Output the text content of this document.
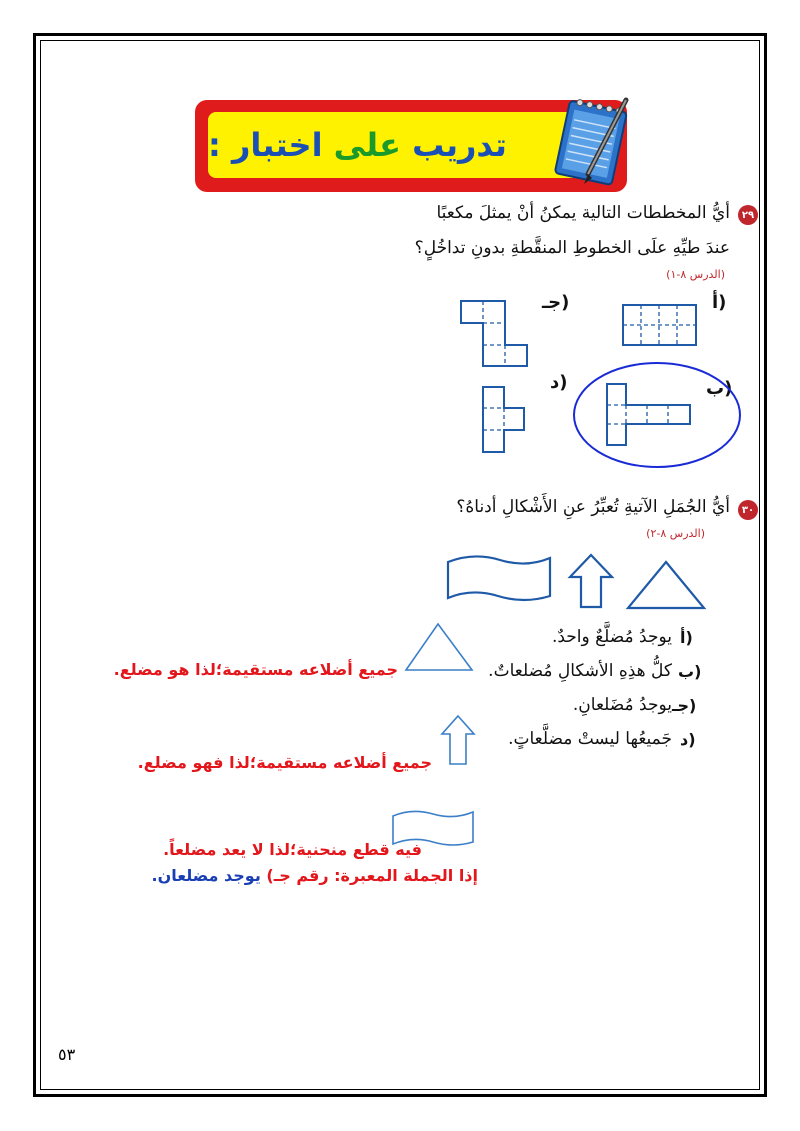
تدريب

على

اختبار :
٢٩
أيُّ المخططات التالية يمكنُ أنْ يمثلَ مكعبًا
عندَ طيِّهِ علَى الخطوطِ المنقَّطةِ بدونِ تداخُلٍ؟
(الدرس ٨-١)
أ)
جـ)
ب)
د)
٣٠
أيُّ الجُمَلِ الآتيةِ تُعبِّرُ عنِ الأَشْكالِ أدناهُ؟
(الدرس ٨-٢)
أ)
يوجدُ مُضلَّعٌ واحدٌ.
ب)
كلُّ هذِهِ الأشكالِ مُضلعاتٌ.
جـ)
يوجدُ مُضَلعانِ.
د)
جَميعُها ليستْ مضلَّعاتٍ.
جميع أضلاعه مستقيمة؛لذا هو مضلع.
جميع أضلاعه مستقيمة؛لذا فهو مضلع.
فيه قطع منحنية؛لذا لا يعد مضلعاً.
إذا الجملة المعبرة: رقم جـ) يوجد مضلعان.
٥٣
